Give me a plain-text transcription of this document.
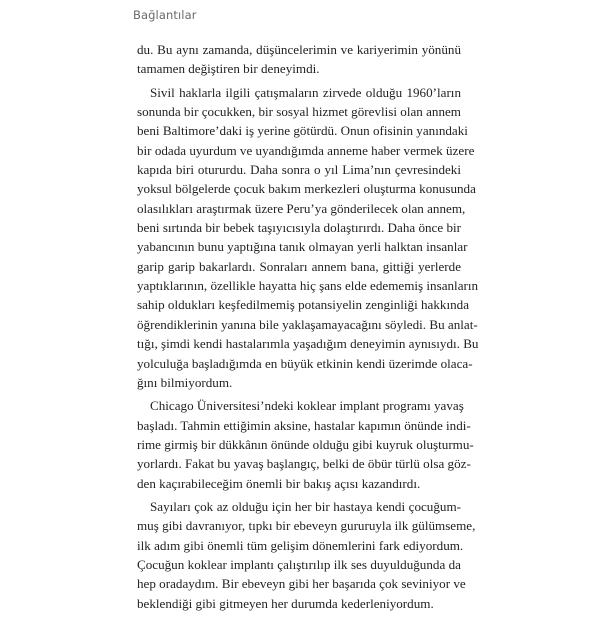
Bağlantılar
du. Bu aynı zamanda, düşüncelerimin ve kariyerimin yönünü
tamamen değiştiren bir deneyimdi.
Sivil haklarla ilgili çatışmaların zirvede olduğu 1960’ların
sonunda bir çocukken, bir sosyal hizmet görevlisi olan annem
beni Baltimore’daki iş yerine götürdü. Onun ofisinin yanındaki
bir odada uyurdum ve uyandığımda anneme haber vermek üzere
kapıda biri otururdu. Daha sonra o yıl Lima’nın çevresindeki
yoksul bölgelerde çocuk bakım merkezleri oluşturma konusunda
olasılıkları araştırmak üzere Peru’ya gönderilecek olan annem,
beni sırtında bir bebek taşıyıcısıyla dolaştırırdı. Daha önce bir
yabancının bunu yaptığına tanık olmayan yerli halktan insanlar
garip garip bakarlardı. Sonraları annem bana, gittiği yerlerde
yaptıklarının, özellikle hayatta hiç şans elde edememiş insanların
sahip oldukları keşfedilmemiş potansiyelin zenginliği hakkında
öğrendiklerinin yanına bile yaklaşamayacağını söyledi. Bu anlat-
tığı, şimdi kendi hastalarımla yaşadığım deneyimin aynısıydı. Bu
yolculuğa başladığımda en büyük etkinin kendi üzerimde olaca-
ğını bilmiyordum.
Chicago Üniversitesi’ndeki koklear implant programı yavaş
başladı. Tahmin ettiğimin aksine, hastalar kapımın önünde indi-
rime girmiş bir dükkânın önünde olduğu gibi kuyruk oluşturmu-
yorlardı. Fakat bu yavaş başlangıç, belki de öbür türlü olsa göz-
den kaçırabileceğim önemli bir bakış açısı kazandırdı.
Sayıları çok az olduğu için her bir hastaya kendi çocuğum-
muş gibi davranıyor, tıpkı bir ebeveyn gururuyla ilk gülümseme,
ilk adım gibi önemli tüm gelişim dönemlerini fark ediyordum.
Çocuğun koklear implantı çalıştırılıp ilk ses duyulduğunda da
hep oradaydım. Bir ebeveyn gibi her başarıda çok seviniyor ve
beklendiği gibi gitmeyen her durumda kederleniyordum.
